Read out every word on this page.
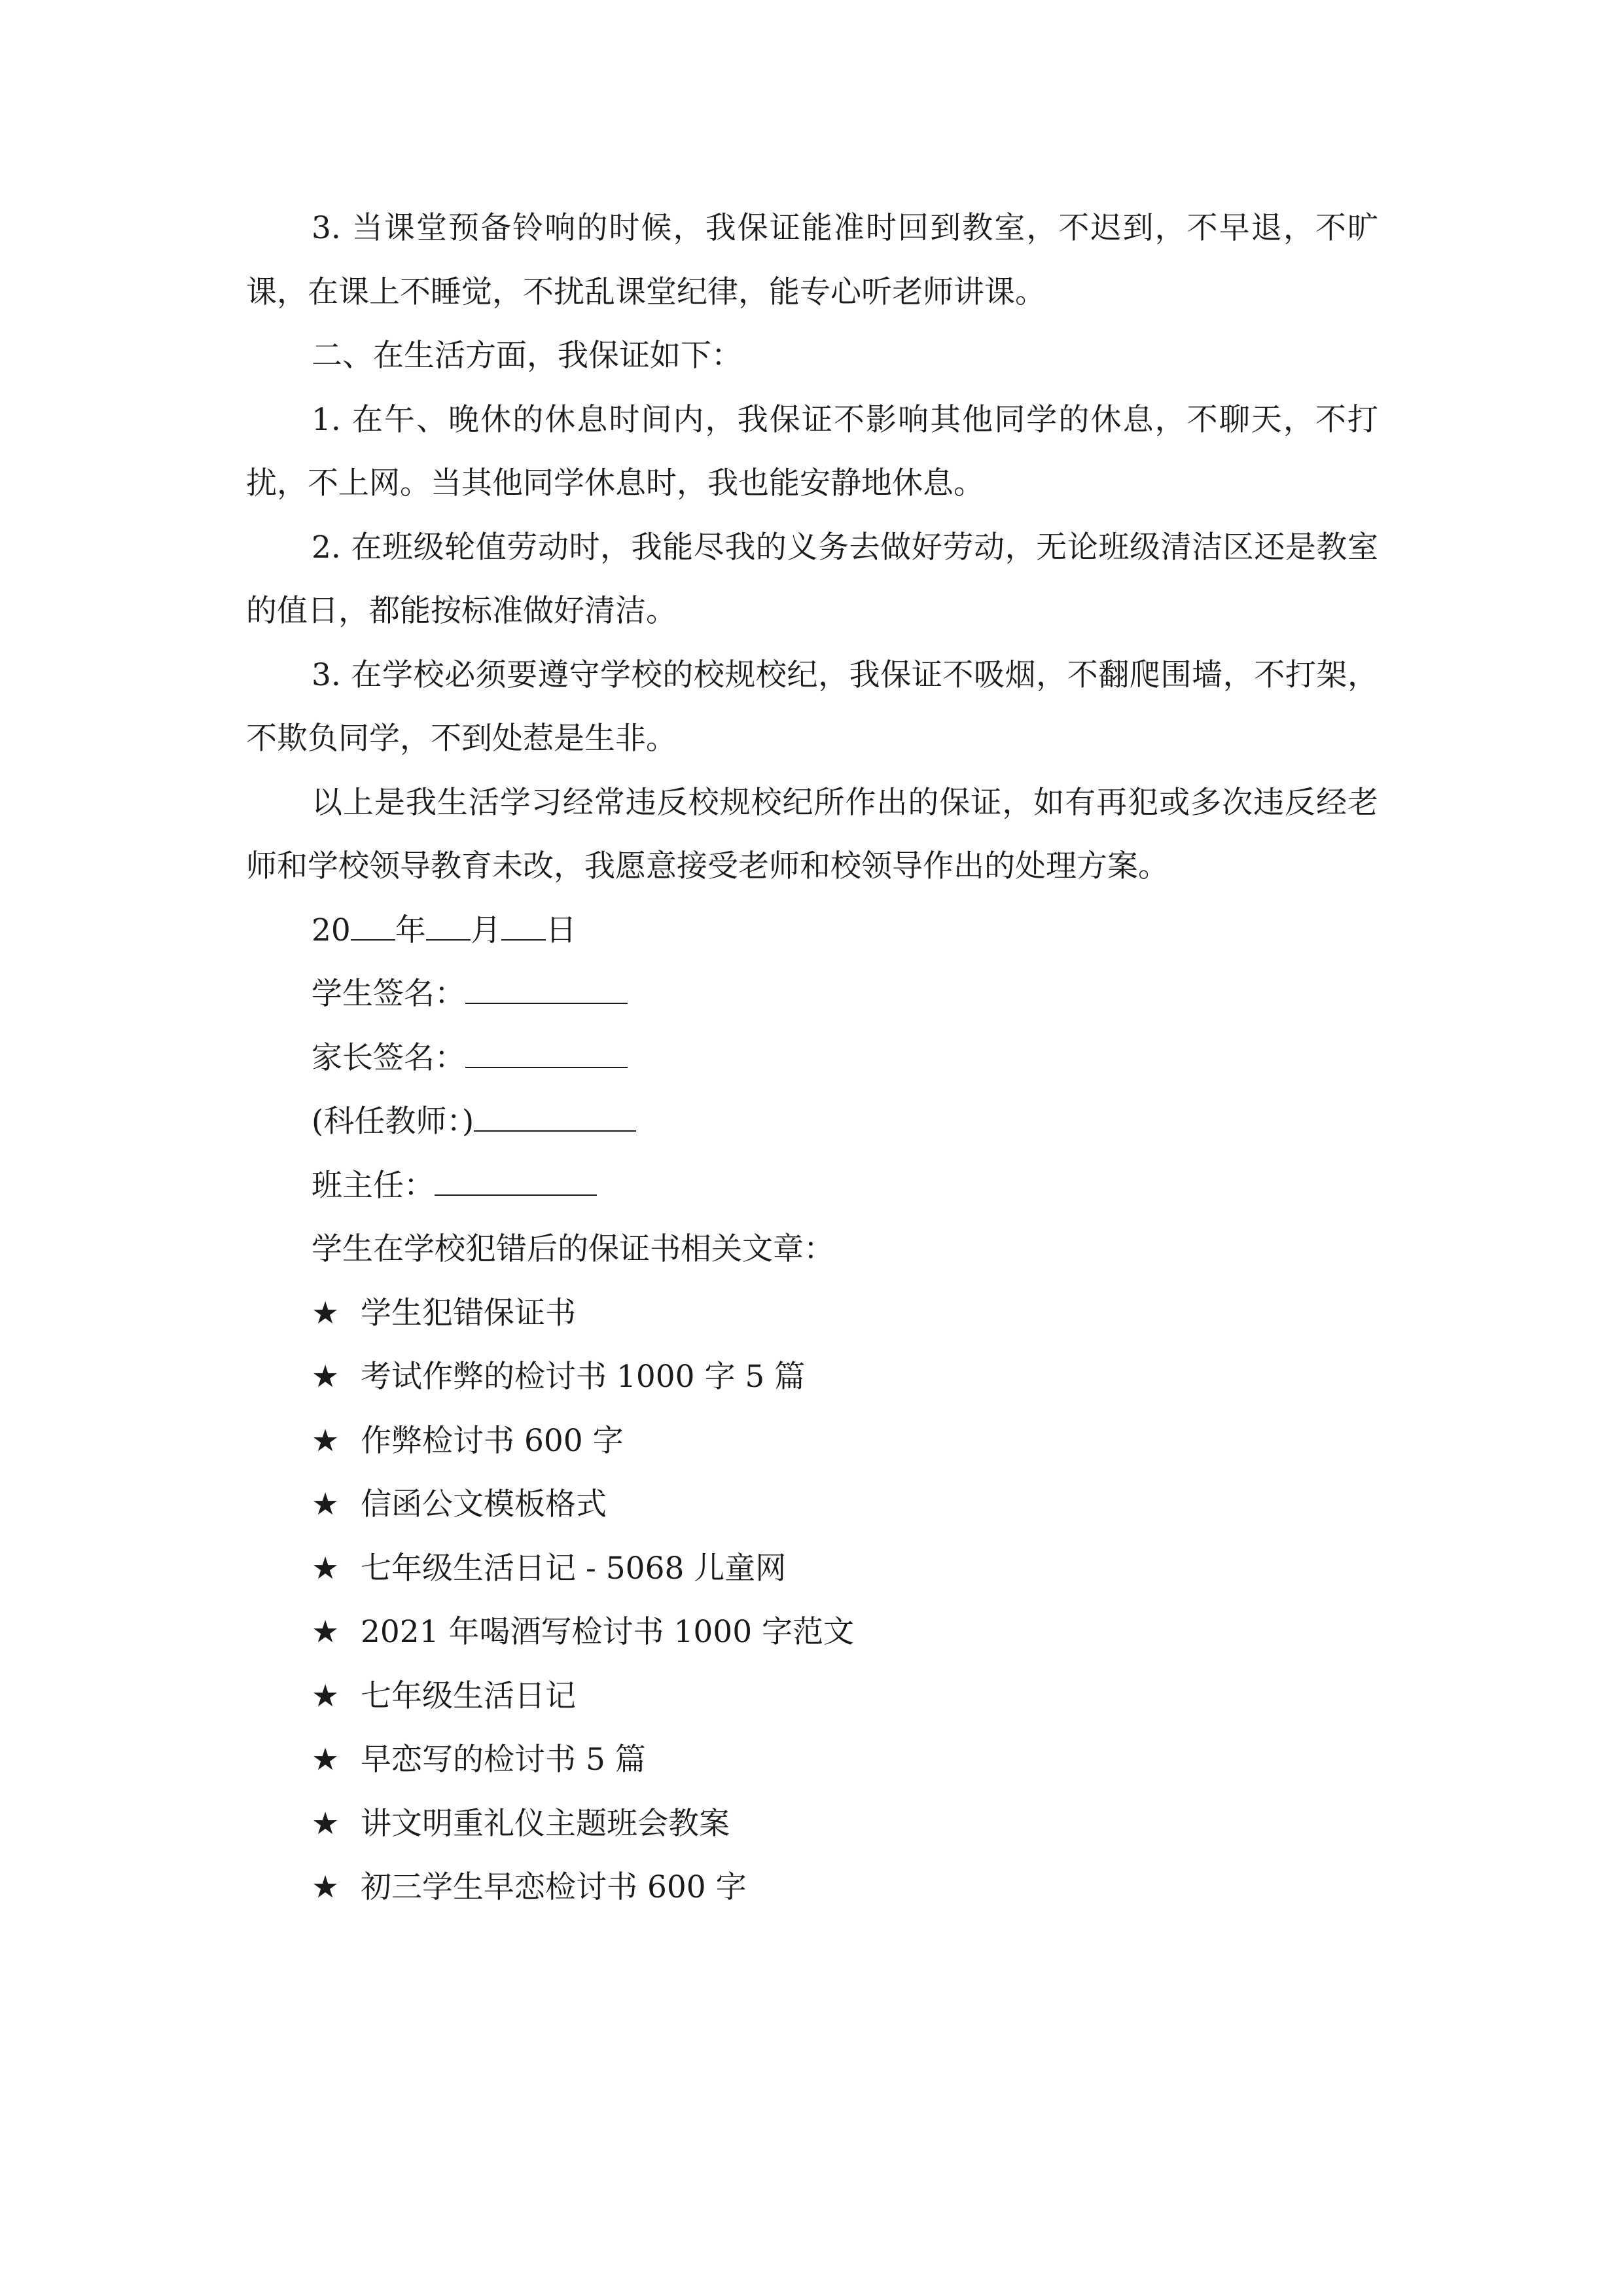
3. 当课堂预备铃响的时候，我保证能准时回到教室，不迟到，不早退，不旷课，在课上不睡觉，不扰乱课堂纪律，能专心听老师讲课。

二、在生活方面，我保证如下：

1. 在午、晚休的休息时间内，我保证不影响其他同学的休息，不聊天，不打扰，不上网。当其他同学休息时，我也能安静地休息。

2. 在班级轮值劳动时，我能尽我的义务去做好劳动，无论班级清洁区还是教室的值日，都能按标准做好清洁。

3. 在学校必须要遵守学校的校规校纪，我保证不吸烟，不翻爬围墙，不打架，不欺负同学，不到处惹是生非。

以上是我生活学习经常违反校规校纪所作出的保证，如有再犯或多次违反经老师和学校领导教育未改，我愿意接受老师和校领导作出的处理方案。

20 年 月 日

学生签名：

家长签名：

(科任教师：)

班主任：

学生在学校犯错后的保证书相关文章：

★ 学生犯错保证书

★ 考试作弊的检讨书 1000 字 5 篇

★ 作弊检讨书 600 字

★ 信函公文模板格式

★ 七年级生活日记 - 5068 儿童网

★ 2021 年喝酒写检讨书 1000 字范文

★ 七年级生活日记

★ 早恋写的检讨书 5 篇

★ 讲文明重礼仪主题班会教案

★ 初三学生早恋检讨书 600 字
